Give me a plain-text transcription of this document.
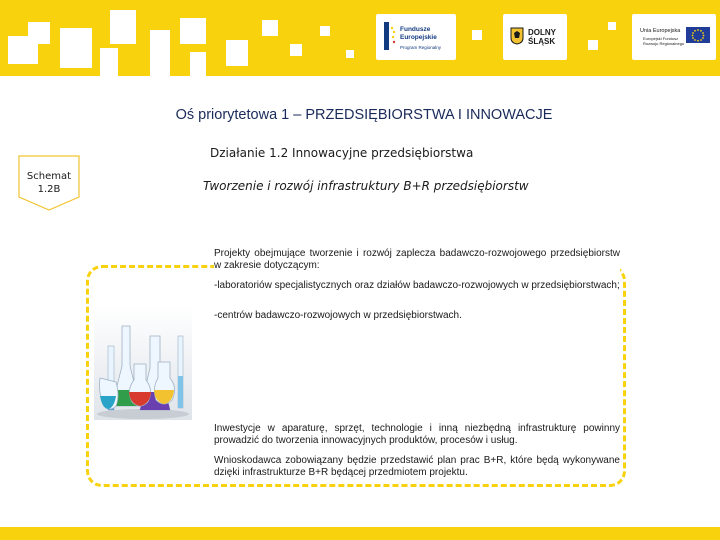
Fundusze
Europejskie
Program Regionalny
DOLNY
ŚLĄSK
Unia Europejska
Europejski Fundusz
Rozwoju Regionalnego
Oś priorytetowa 1 – PRZEDSIĘBIORSTWA I INNOWACJE
Działanie 1.2 Innowacyjne przedsiębiorstwa
Schemat
1.2B	Tworzenie i rozwój infrastruktury B+R przedsiębiorstw
Projekty obejmujące tworzenie i rozwój zaplecza badawczo-rozwojowego przedsiębiorstw w zakresie dotyczącym:
-laboratoriów specjalistycznych oraz działów badawczo-rozwojowych w przedsiębiorstwach;
-centrów badawczo-rozwojowych w przedsiębiorstwach.
Inwestycje w aparaturę, sprzęt, technologie i inną niezbędną infrastrukturę powinny prowadzić do tworzenia innowacyjnych produktów, procesów i usług.
Wnioskodawca zobowiązany będzie przedstawić plan prac B+R, które będą wykonywane dzięki infrastrukturze B+R będącej przedmiotem projektu.
